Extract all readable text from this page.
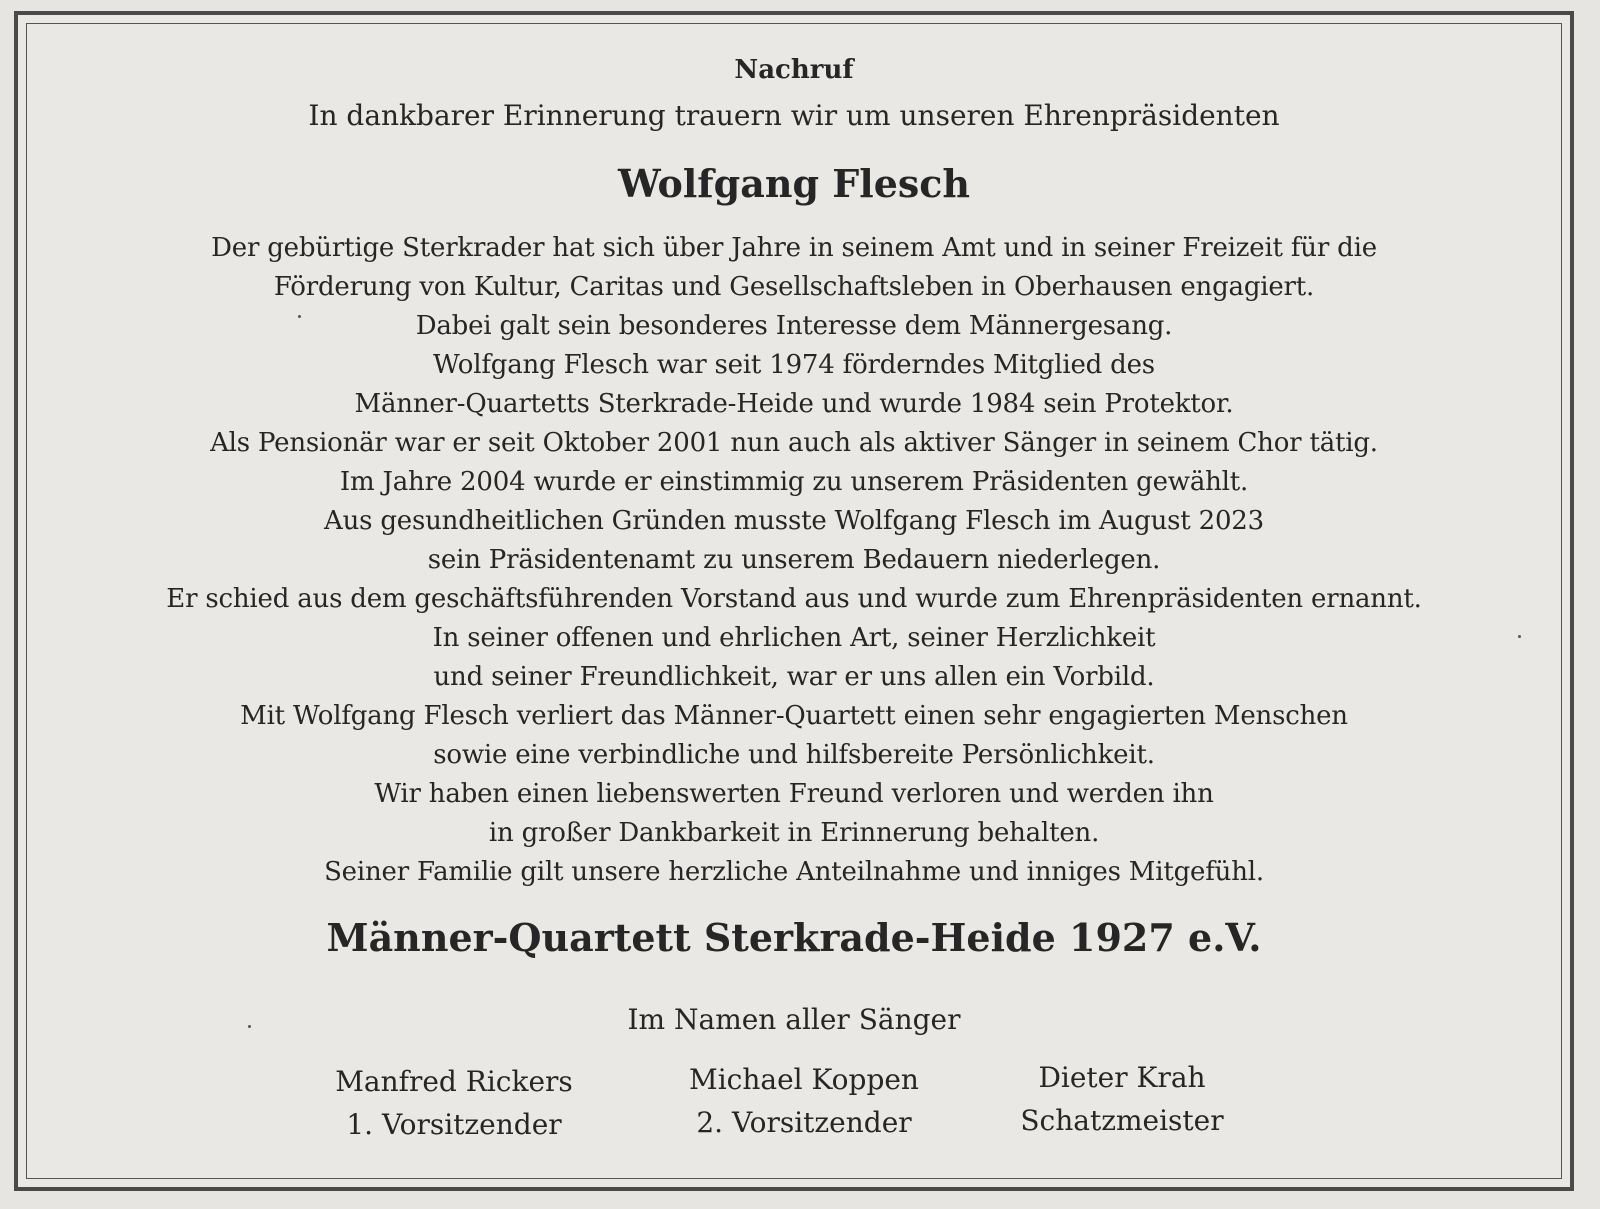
Nachruf
In dankbarer Erinnerung trauern wir um unseren Ehrenpräsidenten
Wolfgang Flesch
Der gebürtige Sterkrader hat sich über Jahre in seinem Amt und in seiner Freizeit für die
Förderung von Kultur, Caritas und Gesellschaftsleben in Oberhausen engagiert.
Dabei galt sein besonderes Interesse dem Männergesang.
Wolfgang Flesch war seit 1974 förderndes Mitglied des
Männer-Quartetts Sterkrade-Heide und wurde 1984 sein Protektor.
Als Pensionär war er seit Oktober 2001 nun auch als aktiver Sänger in seinem Chor tätig.
Im Jahre 2004 wurde er einstimmig zu unserem Präsidenten gewählt.
Aus gesundheitlichen Gründen musste Wolfgang Flesch im August 2023
sein Präsidentenamt zu unserem Bedauern niederlegen.
Er schied aus dem geschäftsführenden Vorstand aus und wurde zum Ehrenpräsidenten ernannt.
In seiner offenen und ehrlichen Art, seiner Herzlichkeit
und seiner Freundlichkeit, war er uns allen ein Vorbild.
Mit Wolfgang Flesch verliert das Männer-Quartett einen sehr engagierten Menschen
sowie eine verbindliche und hilfsbereite Persönlichkeit.
Wir haben einen liebenswerten Freund verloren und werden ihn
in großer Dankbarkeit in Erinnerung behalten.
Seiner Familie gilt unsere herzliche Anteilnahme und inniges Mitgefühl.
Männer-Quartett Sterkrade-Heide 1927 e.V.
Im Namen aller Sänger
Manfred Rickers
1. Vorsitzender
Michael Koppen
2. Vorsitzender
Dieter Krah
Schatzmeister
